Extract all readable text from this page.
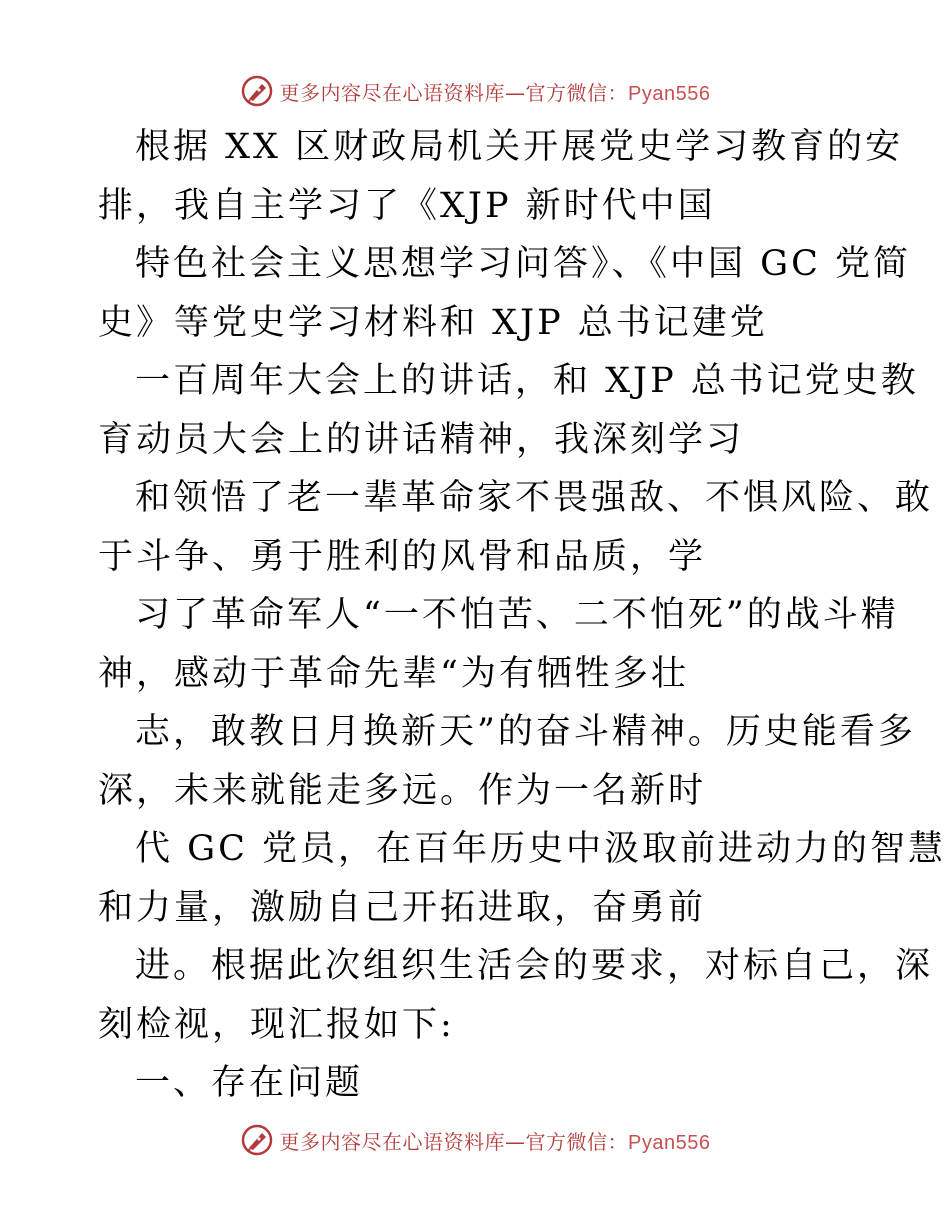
更多内容尽在心语资料库—官方微信：Pyan556
根据 XX 区财政局机关开展党史学习教育的安
排，我自主学习了《XJP 新时代中国
特色社会主义思想学习问答》、《中国 GC 党简
史》等党史学习材料和 XJP 总书记建党
一百周年大会上的讲话，和 XJP 总书记党史教
育动员大会上的讲话精神，我深刻学习
和领悟了老一辈革命家不畏强敌、不惧风险、敢
于斗争、勇于胜利的风骨和品质，学
习了革命军人“一不怕苦、二不怕死”的战斗精
神，感动于革命先辈“为有牺牲多壮
志，敢教日月换新天”的奋斗精神。历史能看多
深，未来就能走多远。作为一名新时
代 GC 党员，在百年历史中汲取前进动力的智慧
和力量，激励自己开拓进取，奋勇前
进。根据此次组织生活会的要求，对标自己，深
刻检视，现汇报如下:
一、存在问题
更多内容尽在心语资料库—官方微信：Pyan556
